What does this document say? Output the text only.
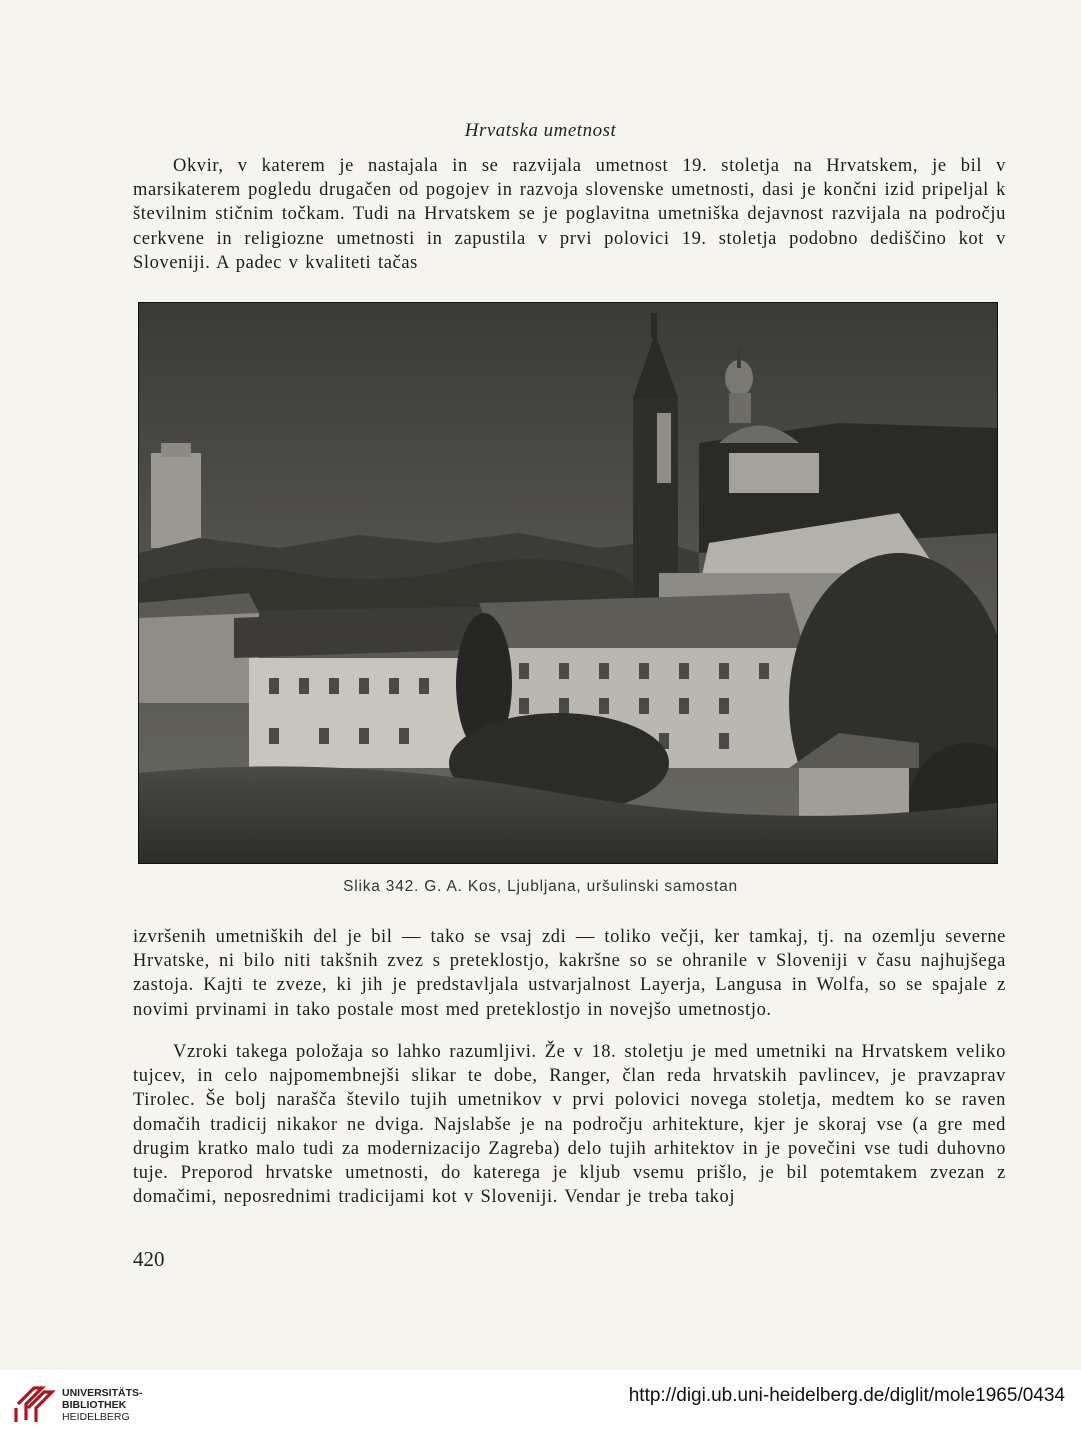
Hrvatska umetnost

Okvir, v katerem je nastajala in se razvijala umetnost 19. stoletja na Hrvatskem, je bil v marsikaterem pogledu drugačen od pogojev in razvoja slovenske umetnosti, dasi je končni izid pripeljal k številnim stičnim točkam. Tudi na Hrvatskem se je poglavitna umetniška dejavnost razvijala na področju cerkvene in religiozne umetnosti in zapustila v prvi polovici 19. stoletja podobno dediščino kot v Sloveniji. A padec v kvaliteti tačas

Slika 342. G. A. Kos, Ljubljana, uršulinski samostan

izvršenih umetniških del je bil — tako se vsaj zdi — toliko večji, ker tamkaj, tj. na ozemlju severne Hrvatske, ni bilo niti takšnih zvez s preteklostjo, kakršne so se ohranile v Sloveniji v času najhujšega zastoja. Kajti te zveze, ki jih je predstavljala ustvarjalnost Layerja, Langusa in Wolfa, so se spajale z novimi prvinami in tako postale most med preteklostjo in novejšo umetnostjo.

Vzroki takega položaja so lahko razumljivi. Že v 18. stoletju je med umetniki na Hrvatskem veliko tujcev, in celo najpomembnejši slikar te dobe, Ranger, član reda hrvatskih pavlincev, je pravzaprav Tirolec. Še bolj narašča število tujih umetnikov v prvi polovici novega stoletja, medtem ko se raven domačih tradicij nikakor ne dviga. Najslabše je na področju arhitekture, kjer je skoraj vse (a gre med drugim kratko malo tudi za modernizacijo Zagreba) delo tujih arhitektov in je povečini vse tudi duhovno tuje. Preporod hrvatske umetnosti, do katerega je kljub vsemu prišlo, je bil potemtakem zvezan z domačimi, neposrednimi tradicijami kot v Sloveniji. Vendar je treba takoj

420
UNIVERSITÄTS-
BIBLIOTHEK
HEIDELBERG
http://digi.ub.uni-heidelberg.de/diglit/mole1965/0434
